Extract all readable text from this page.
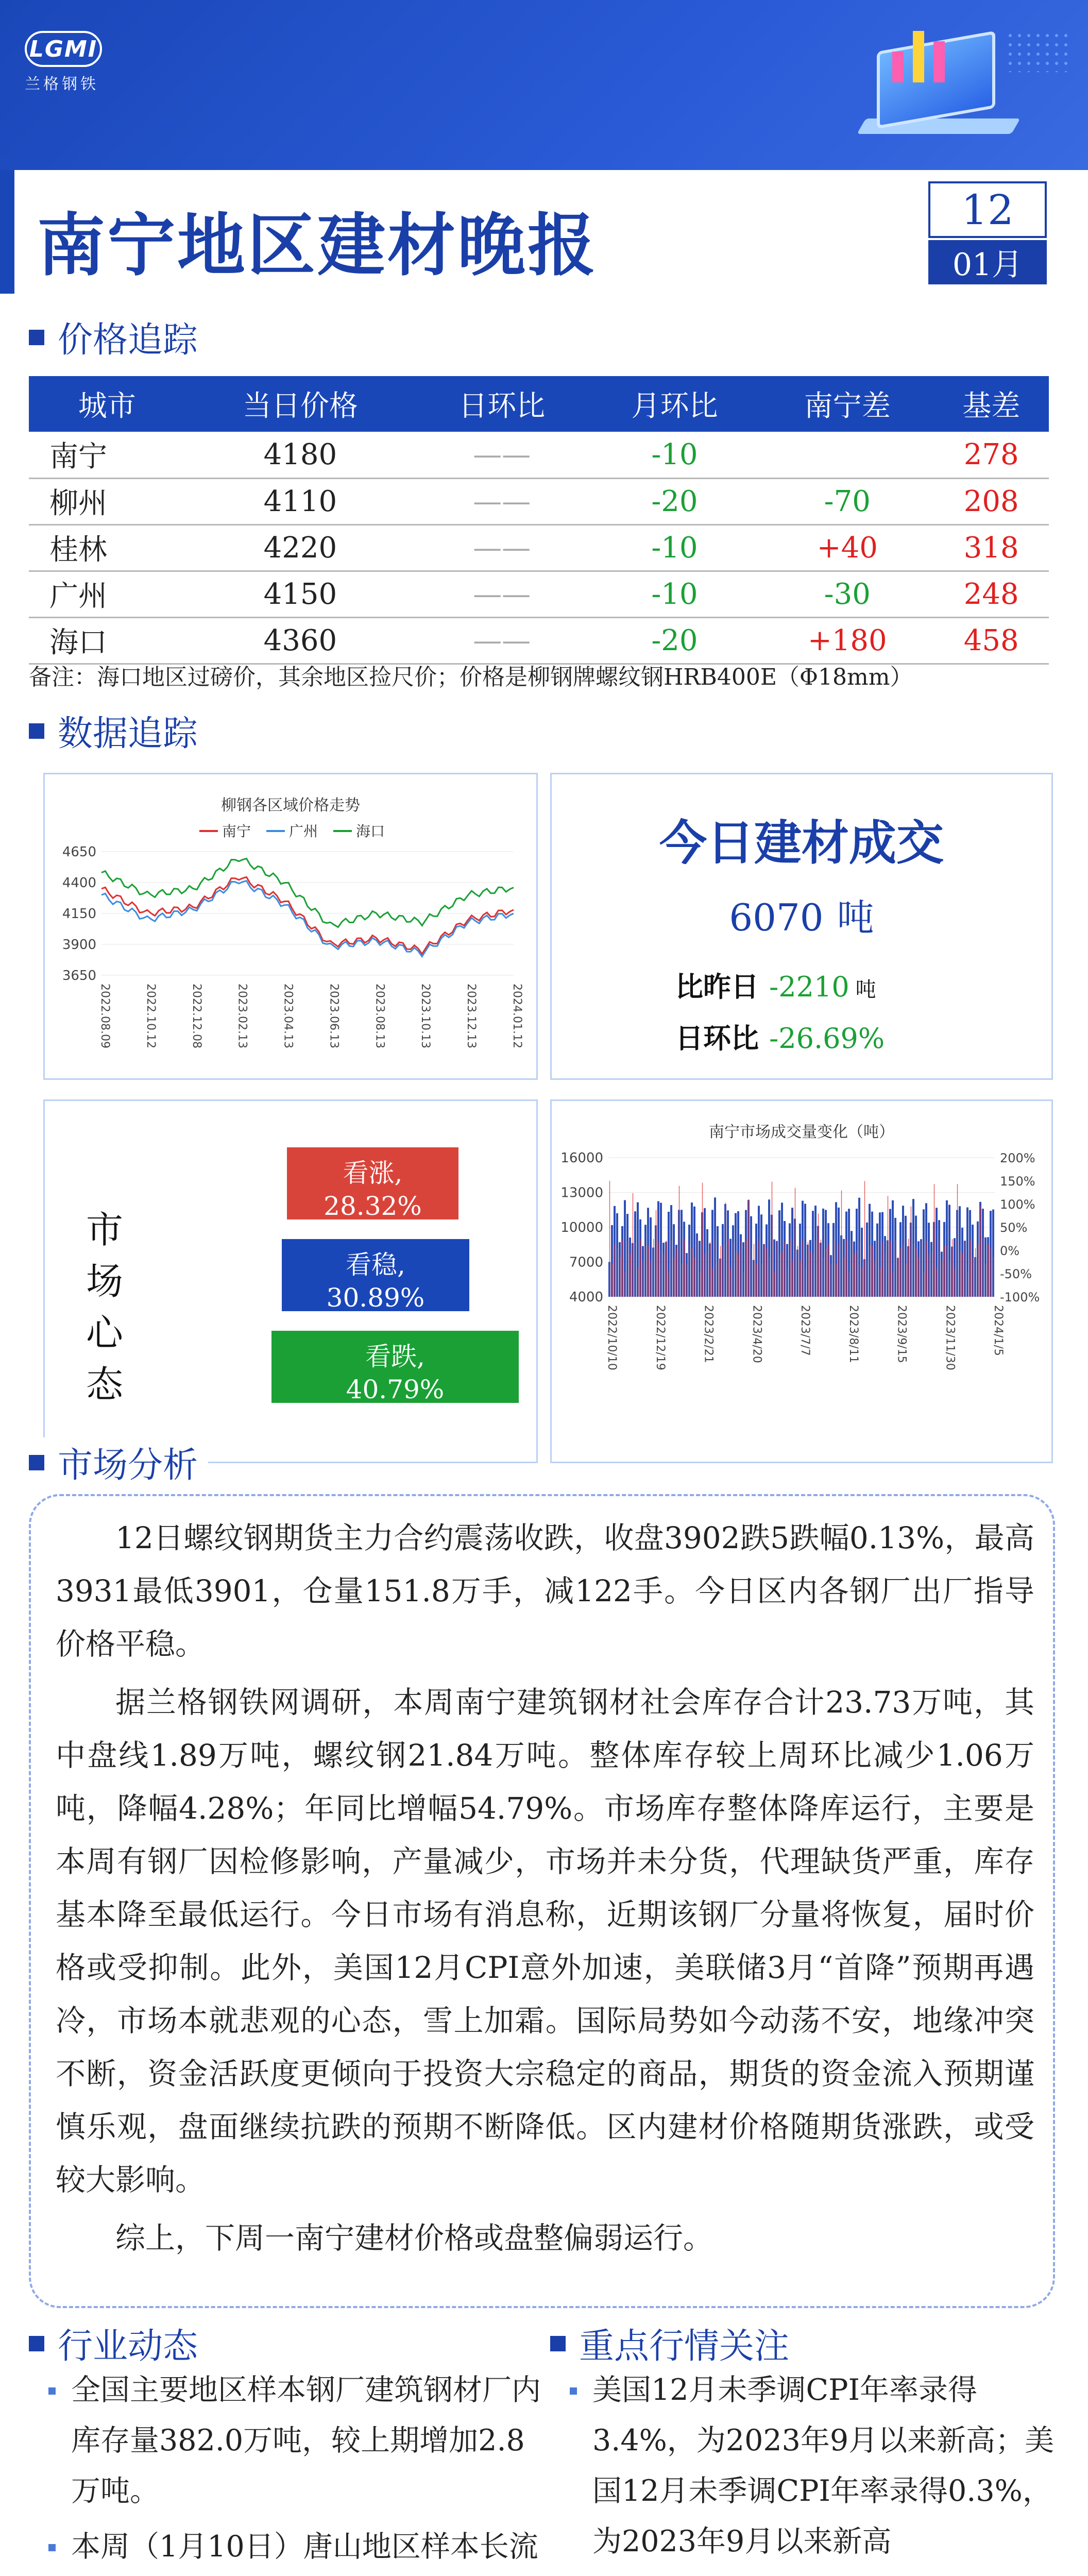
LGMI
兰格钢铁
南宁地区建材晚报	12
01月
价格追踪
城市	当日价格	日环比	月环比	南宁差	基差
南宁	4180	——	-10		278
柳州	4110	——	-20	-70	208
桂林	4220	——	-10	+40	318
广州	4150	——	-10	-30	248
海口	4360	——	-20	+180	458
备注：海口地区过磅价，其余地区捡尺价；价格是柳钢牌螺纹钢HRB400E（Φ18mm）
数据追踪
柳钢各区域价格走势
南宁	广州	海口
4650
4400
4150
3900
3650
2022.08.09	2022.10.12	2022.12.08	2023.02.13	2023.04.13	2023.06.13	2023.08.13	2023.10.13	2023.12.13	2024.01.12
今日建材成交
6070 吨
比昨日 -2210 吨
日环比 -26.69%
市场心态
看涨,
28.32%
看稳,
30.89%
看跌,
40.79%
南宁市场成交量变化（吨）
16000
13000
10000
7000
4000
200%
150%
100%
50%
0%
-50%
-100%
2022/10/10	2022/12/19	2023/2/21	2023/4/20	2023/7/7	2023/8/11	2023/9/15	2023/11/30	2024/1/5
市场分析

12日螺纹钢期货主力合约震荡收跌，收盘3902跌5跌幅0.13%，最高3931最低3901，仓量151.8万手，减122手。今日区内各钢厂出厂指导价格平稳。

据兰格钢铁网调研，本周南宁建筑钢材社会库存合计23.73万吨，其中盘线1.89万吨，螺纹钢21.84万吨。整体库存较上周环比减少1.06万吨，降幅4.28%；年同比增幅54.79%。市场库存整体降库运行，主要是本周有钢厂因检修影响，产量减少，市场并未分货，代理缺货严重，库存基本降至最低运行。今日市场有消息称，近期该钢厂分量将恢复，届时价格或受抑制。此外，美国12月CPI意外加速，美联储3月“首降”预期再遇冷，市场本就悲观的心态，雪上加霜。国际局势如今动荡不安，地缘冲突不断，资金活跃度更倾向于投资大宗稳定的商品，期货的资金流入预期谨慎乐观，盘面继续抗跌的预期不断降低。区内建材价格随期货涨跌，或受较大影响。

综上，下周一南宁建材价格或盘整偏弱运行。

行业动态
全国主要地区样本钢厂建筑钢材厂内库存量382.0万吨，较上期增加2.8万吨。
本周（1月10日）唐山地区样本长流
重点行情关注
美国12月未季调CPI年率录得3.4%，为2023年9月以来新高；美国12月未季调CPI年率录得0.3%，为2023年9月以来新高
